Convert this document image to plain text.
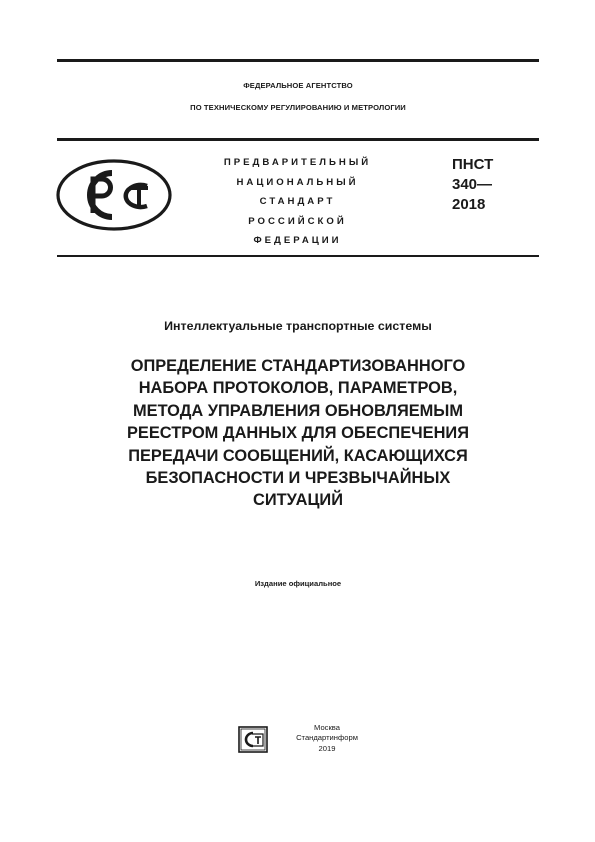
ФЕДЕРАЛЬНОЕ АГЕНТСТВО
ПО ТЕХНИЧЕСКОМУ РЕГУЛИРОВАНИЮ И МЕТРОЛОГИИ
ПРЕДВАРИТЕЛЬНЫЙ
НАЦИОНАЛЬНЫЙ
СТАНДАРТ
РОССИЙСКОЙ
ФЕДЕРАЦИИ
ПНСТ
340—
2018
Интеллектуальные транспортные системы
ОПРЕДЕЛЕНИЕ СТАНДАРТИЗОВАННОГО
НАБОРА ПРОТОКОЛОВ, ПАРАМЕТРОВ,
МЕТОДА УПРАВЛЕНИЯ ОБНОВЛЯЕМЫМ
РЕЕСТРОМ ДАННЫХ ДЛЯ ОБЕСПЕЧЕНИЯ
ПЕРЕДАЧИ СООБЩЕНИЙ, КАСАЮЩИХСЯ
БЕЗОПАСНОСТИ И ЧРЕЗВЫЧАЙНЫХ
СИТУАЦИЙ
Издание официальное
Москва
Стандартинформ
2019
